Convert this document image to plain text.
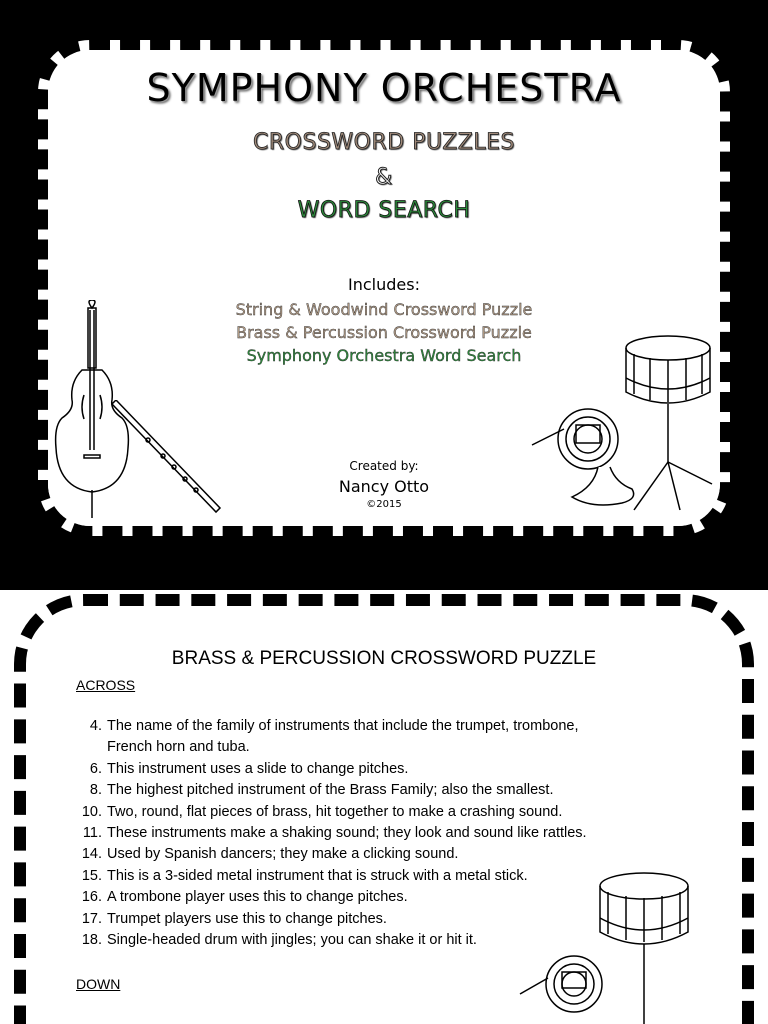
SYMPHONY ORCHESTRA
CROSSWORD PUZZLES
&
WORD SEARCH
Includes:
String & Woodwind Crossword Puzzle
Brass & Percussion Crossword Puzzle
Symphony Orchestra Word Search
Created by:
Nancy Otto
©2015
BRASS & PERCUSSION CROSSWORD PUZZLE
ACROSS
4. The name of the family of instruments that include the trumpet, trombone,
French horn and tuba.
6. This instrument uses a slide to change pitches.
8. The highest pitched instrument of the Brass Family; also the smallest.
10. Two, round, flat pieces of brass, hit together to make a crashing sound.
11. These instruments make a shaking sound; they look and sound like rattles.
14. Used by Spanish dancers; they make a clicking sound.
15. This is a 3-sided metal instrument that is struck with a metal stick.
16. A trombone player uses this to change pitches.
17. Trumpet players use this to change pitches.
18. Single-headed drum with jingles; you can shake it or hit it.
DOWN
